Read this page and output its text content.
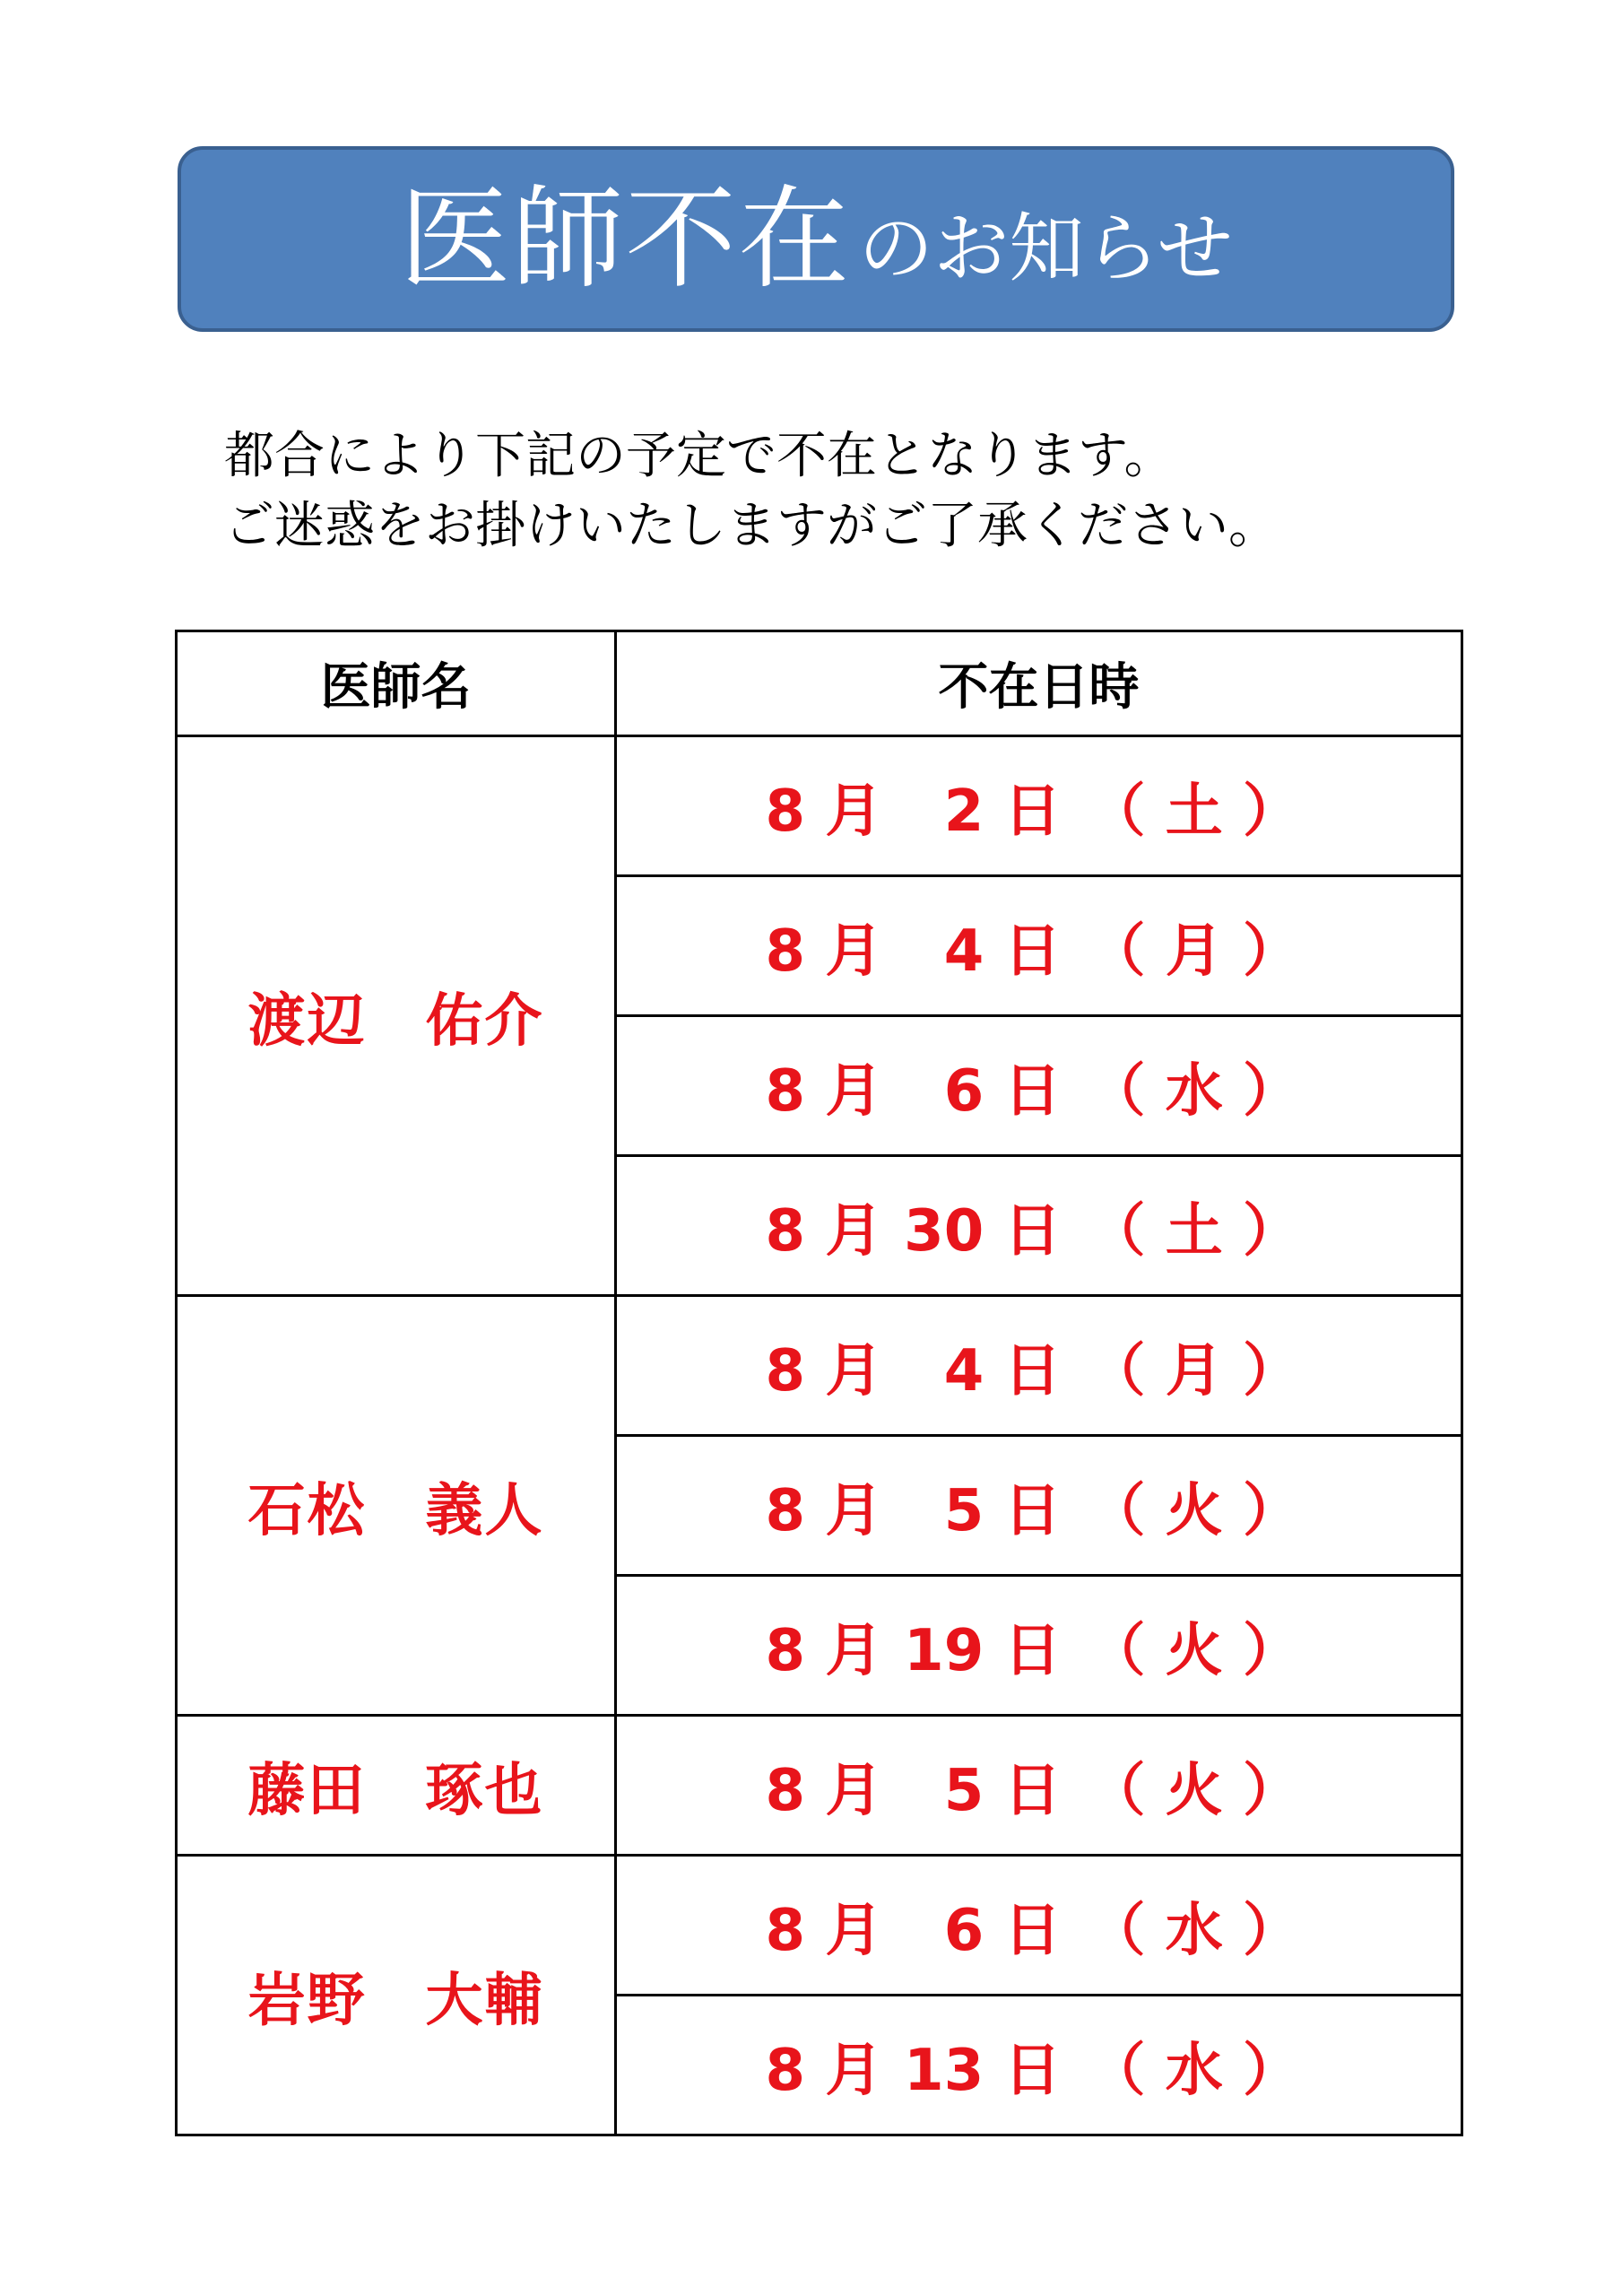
医師不在 のお知らせ
都合により下記の予定で不在となります。
ご迷惑をお掛けいたしますがご了承ください。
医師名	不在日時
渡辺　佑介	8 月 2 日 （ 土 ）

	8 月 4 日 （ 月 ）

	8 月 6 日 （ 水 ）

	8 月 30 日 （ 土 ）

石松　義人	8 月 4 日 （ 月 ）

	8 月 5 日 （ 火 ）

	8 月 19 日 （ 火 ）

藤田　琢也	8 月 5 日 （ 火 ）

岩野　大輔	8 月 6 日 （ 水 ）

	8 月 13 日 （ 水 ）
